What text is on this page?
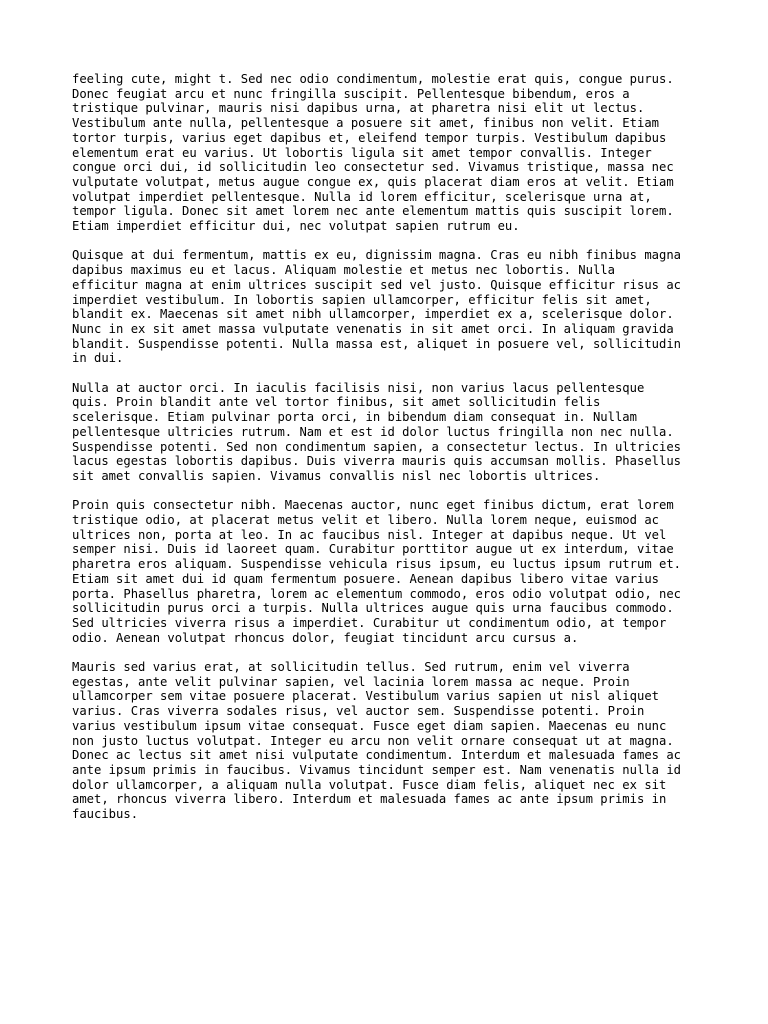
feeling cute, might t. Sed nec odio condimentum, molestie erat quis, congue purus.
Donec feugiat arcu et nunc fringilla suscipit. Pellentesque bibendum, eros a
tristique pulvinar, mauris nisi dapibus urna, at pharetra nisi elit ut lectus.
Vestibulum ante nulla, pellentesque a posuere sit amet, finibus non velit. Etiam
tortor turpis, varius eget dapibus et, eleifend tempor turpis. Vestibulum dapibus
elementum erat eu varius. Ut lobortis ligula sit amet tempor convallis. Integer
congue orci dui, id sollicitudin leo consectetur sed. Vivamus tristique, massa nec
vulputate volutpat, metus augue congue ex, quis placerat diam eros at velit. Etiam
volutpat imperdiet pellentesque. Nulla id lorem efficitur, scelerisque urna at,
tempor ligula. Donec sit amet lorem nec ante elementum mattis quis suscipit lorem.
Etiam imperdiet efficitur dui, nec volutpat sapien rutrum eu.

Quisque at dui fermentum, mattis ex eu, dignissim magna. Cras eu nibh finibus magna
dapibus maximus eu et lacus. Aliquam molestie et metus nec lobortis. Nulla
efficitur magna at enim ultrices suscipit sed vel justo. Quisque efficitur risus ac
imperdiet vestibulum. In lobortis sapien ullamcorper, efficitur felis sit amet,
blandit ex. Maecenas sit amet nibh ullamcorper, imperdiet ex a, scelerisque dolor.
Nunc in ex sit amet massa vulputate venenatis in sit amet orci. In aliquam gravida
blandit. Suspendisse potenti. Nulla massa est, aliquet in posuere vel, sollicitudin
in dui.

Nulla at auctor orci. In iaculis facilisis nisi, non varius lacus pellentesque
quis. Proin blandit ante vel tortor finibus, sit amet sollicitudin felis
scelerisque. Etiam pulvinar porta orci, in bibendum diam consequat in. Nullam
pellentesque ultricies rutrum. Nam et est id dolor luctus fringilla non nec nulla.
Suspendisse potenti. Sed non condimentum sapien, a consectetur lectus. In ultricies
lacus egestas lobortis dapibus. Duis viverra mauris quis accumsan mollis. Phasellus
sit amet convallis sapien. Vivamus convallis nisl nec lobortis ultrices.

Proin quis consectetur nibh. Maecenas auctor, nunc eget finibus dictum, erat lorem
tristique odio, at placerat metus velit et libero. Nulla lorem neque, euismod ac
ultrices non, porta at leo. In ac faucibus nisl. Integer at dapibus neque. Ut vel
semper nisi. Duis id laoreet quam. Curabitur porttitor augue ut ex interdum, vitae
pharetra eros aliquam. Suspendisse vehicula risus ipsum, eu luctus ipsum rutrum et.
Etiam sit amet dui id quam fermentum posuere. Aenean dapibus libero vitae varius
porta. Phasellus pharetra, lorem ac elementum commodo, eros odio volutpat odio, nec
sollicitudin purus orci a turpis. Nulla ultrices augue quis urna faucibus commodo.
Sed ultricies viverra risus a imperdiet. Curabitur ut condimentum odio, at tempor
odio. Aenean volutpat rhoncus dolor, feugiat tincidunt arcu cursus a.

Mauris sed varius erat, at sollicitudin tellus. Sed rutrum, enim vel viverra
egestas, ante velit pulvinar sapien, vel lacinia lorem massa ac neque. Proin
ullamcorper sem vitae posuere placerat. Vestibulum varius sapien ut nisl aliquet
varius. Cras viverra sodales risus, vel auctor sem. Suspendisse potenti. Proin
varius vestibulum ipsum vitae consequat. Fusce eget diam sapien. Maecenas eu nunc
non justo luctus volutpat. Integer eu arcu non velit ornare consequat ut at magna.
Donec ac lectus sit amet nisi vulputate condimentum. Interdum et malesuada fames ac
ante ipsum primis in faucibus. Vivamus tincidunt semper est. Nam venenatis nulla id
dolor ullamcorper, a aliquam nulla volutpat. Fusce diam felis, aliquet nec ex sit
amet, rhoncus viverra libero. Interdum et malesuada fames ac ante ipsum primis in
faucibus.
